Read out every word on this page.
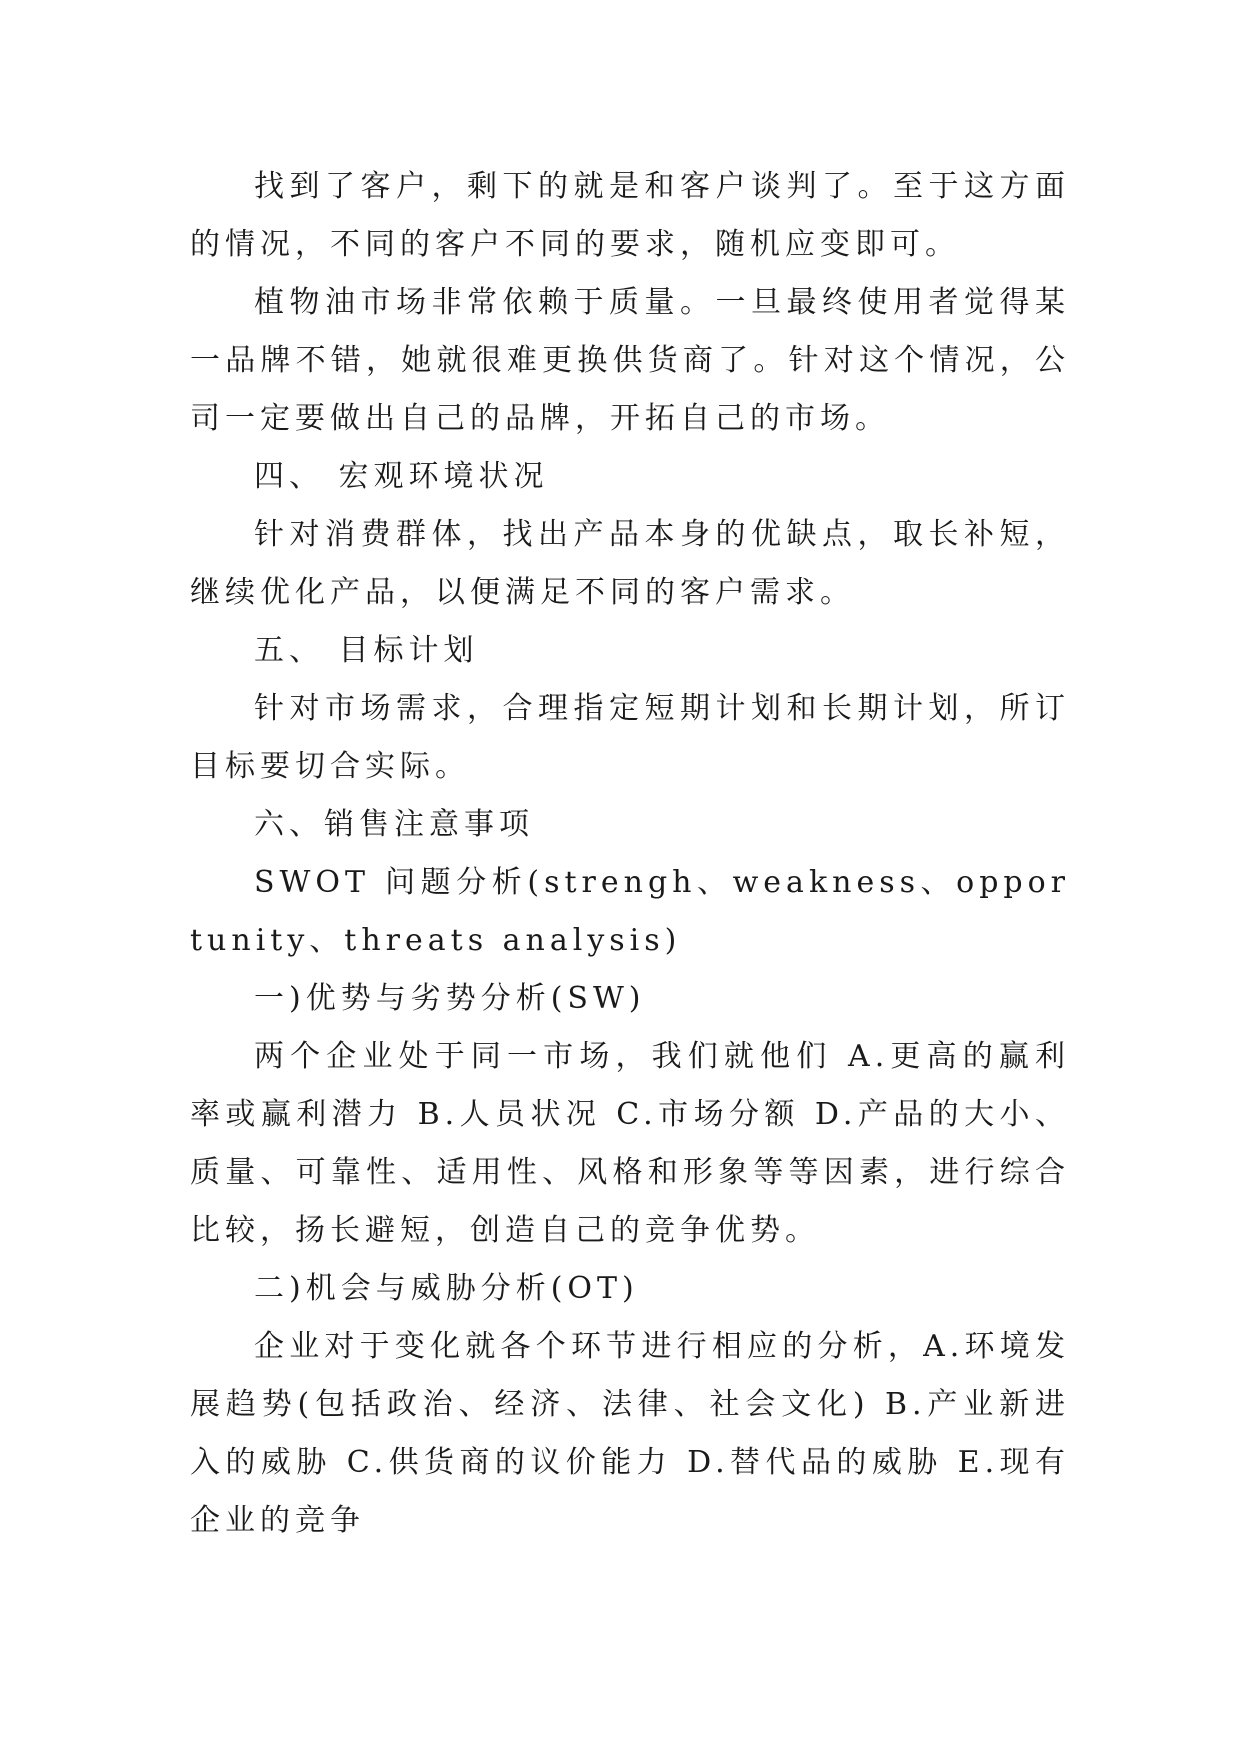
找到了客户，剩下的就是和客户谈判了。至于这方面的情况，不同的客户不同的要求，随机应变即可。

植物油市场非常依赖于质量。一旦最终使用者觉得某一品牌不错，她就很难更换供货商了。针对这个情况，公司一定要做出自己的品牌，开拓自己的市场。

四、 宏观环境状况

针对消费群体，找出产品本身的优缺点，取长补短，继续优化产品，以便满足不同的客户需求。

五、 目标计划

针对市场需求，合理指定短期计划和长期计划，所订目标要切合实际。

六、销售注意事项

SWOT 问题分析(strengh、weakness、opportunity、threats analysis)

一)优势与劣势分析(SW)

两个企业处于同一市场，我们就他们 A.更高的赢利率或赢利潜力 B.人员状况 C.市场分额 D.产品的大小、质量、可靠性、适用性、风格和形象等等因素，进行综合比较，扬长避短，创造自己的竞争优势。

二)机会与威胁分析(OT)

企业对于变化就各个环节进行相应的分析，A.环境发展趋势(包括政治、经济、法律、社会文化) B.产业新进入的威胁 C.供货商的议价能力 D.替代品的威胁 E.现有企业的竞争
